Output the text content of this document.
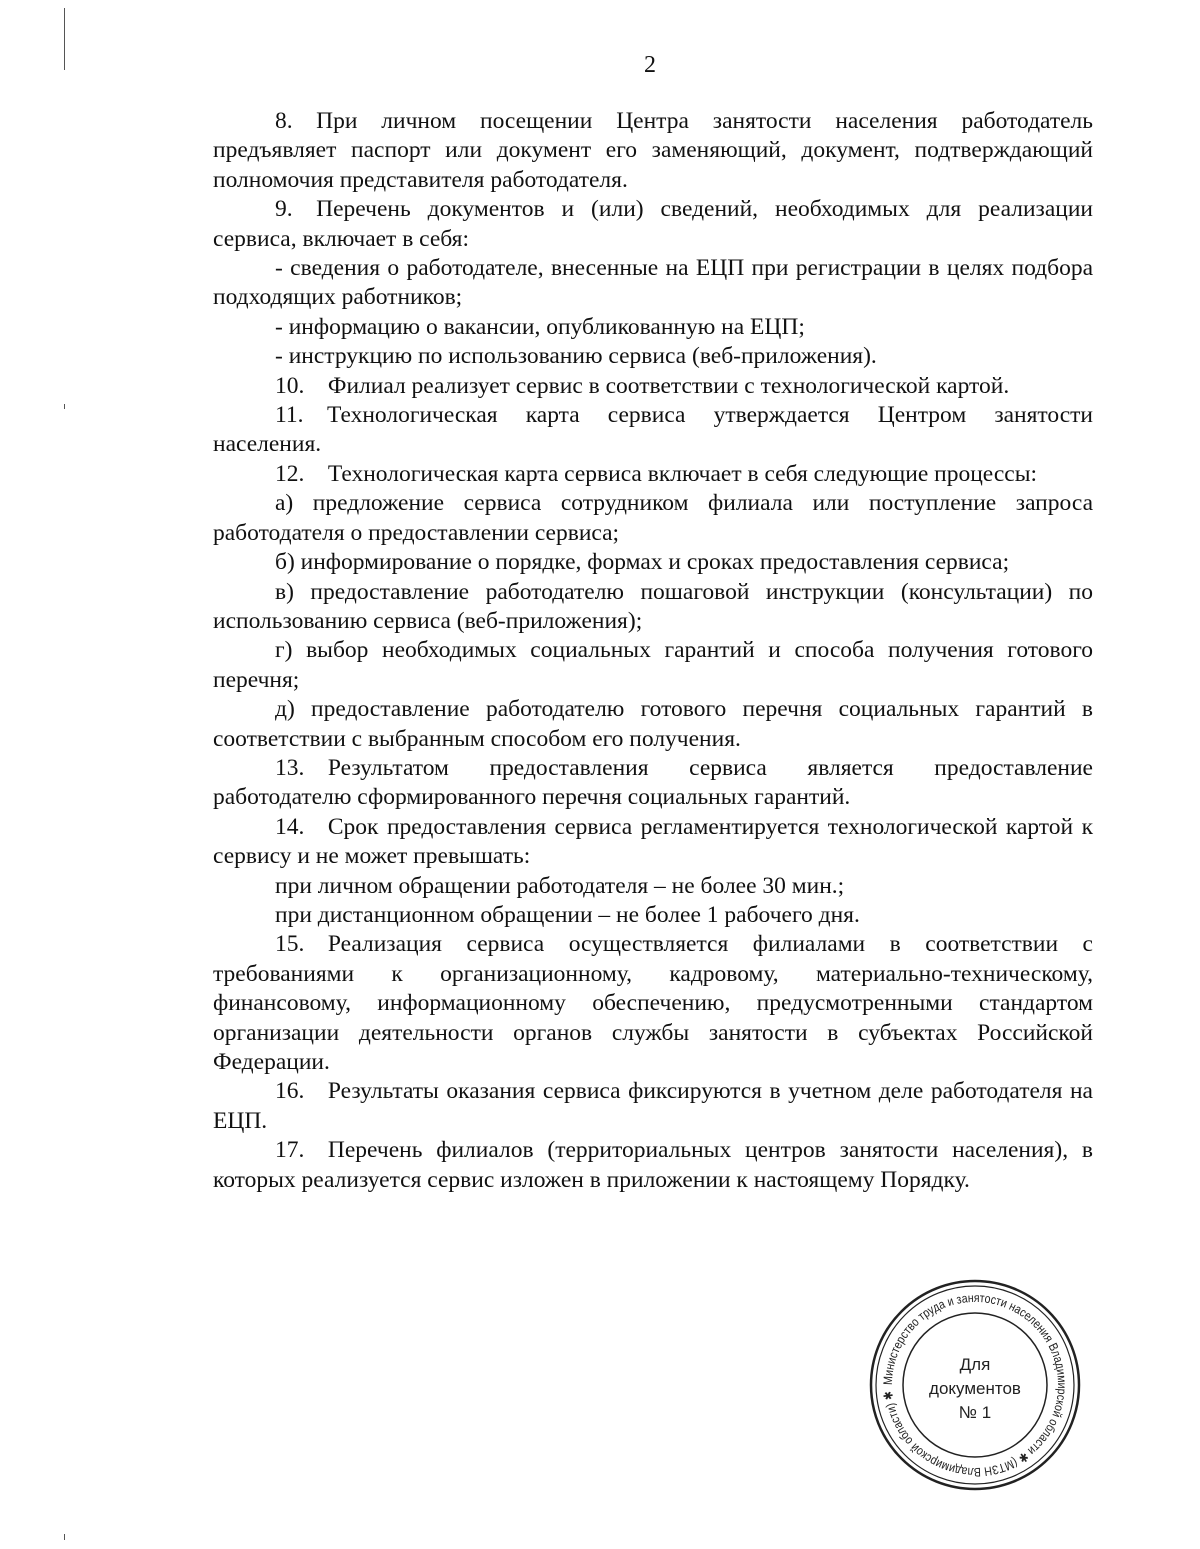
2

8. При личном посещении Центра занятости населения работодатель предъявляет паспорт или документ его заменяющий, документ, подтверждающий полномочия представителя работодателя.

9. Перечень документов и (или) сведений, необходимых для реализации сервиса, включает в себя:

- сведения о работодателе, внесенные на ЕЦП при регистрации в целях подбора подходящих работников;

- информацию о вакансии, опубликованную на ЕЦП;

- инструкцию по использованию сервиса (веб-приложения).

10. Филиал реализует сервис в соответствии с технологической картой.

11. Технологическая карта сервиса утверждается Центром занятости населения.

12. Технологическая карта сервиса включает в себя следующие процессы:

а) предложение сервиса сотрудником филиала или поступление запроса работодателя о предоставлении сервиса;

б) информирование о порядке, формах и сроках предоставления сервиса;

в) предоставление работодателю пошаговой инструкции (консультации) по использованию сервиса (веб-приложения);

г) выбор необходимых социальных гарантий и способа получения готового перечня;

д) предоставление работодателю готового перечня социальных гарантий в соответствии с выбранным способом его получения.

13. Результатом предоставления сервиса является предоставление работодателю сформированного перечня социальных гарантий.

14. Срок предоставления сервиса регламентируется технологической картой к сервису и не может превышать:

при личном обращении работодателя – не более 30 мин.;

при дистанционном обращении – не более 1 рабочего дня.

15. Реализация сервиса осуществляется филиалами в соответствии с требованиями к организационному, кадровому, материально-техническому, финансовому, информационному обеспечению, предусмотренными стандартом организации деятельности органов службы занятости в субъектах Российской Федерации.

16. Результаты оказания сервиса фиксируются в учетном деле работодателя на ЕЦП.

17. Перечень филиалов (территориальных центров занятости населения), в которых реализуется сервис изложен в приложении к настоящему Порядку.

Министерство труда и занятости населения Владимирской области ✱ (МТЗН Владимирской области) ✱
Для
документов
№ 1
